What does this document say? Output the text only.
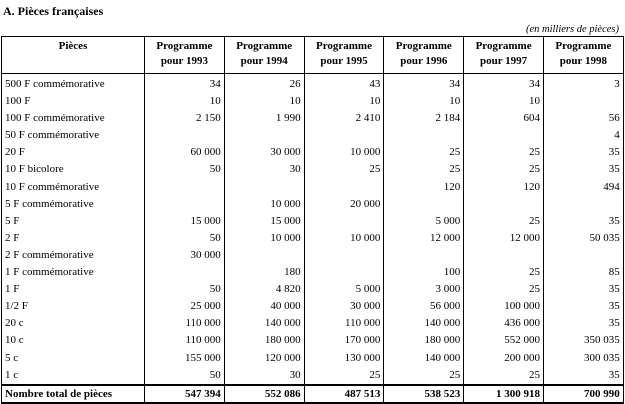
A. Pièces françaises
(en milliers de pièces)
Pièces	Programme pour 1993	Programme pour 1994	Programme pour 1995	Programme pour 1996	Programme pour 1997	Programme pour 1998
500 F commémorative	34	26	43	34	34	3
100 F	10	10	10	10	10	
100 F commémorative	2 150	1 990	2 410	2 184	604	56
50 F commémorative						4
20 F	60 000	30 000	10 000	25	25	35
10 F bicolore	50	30	25	25	25	35
10 F commémorative				120	120	494
5 F commémorative		10 000	20 000			
5 F	15 000	15 000		5 000	25	35
2 F	50	10 000	10 000	12 000	12 000	50 035
2 F commémorative	30 000					
1 F commémorative		180		100	25	85
1 F	50	4 820	5 000	3 000	25	35
1/2 F	25 000	40 000	30 000	56 000	100 000	35
20 c	110 000	140 000	110 000	140 000	436 000	35
10 c	110 000	180 000	170 000	180 000	552 000	350 035
5 c	155 000	120 000	130 000	140 000	200 000	300 035
1 c	50	30	25	25	25	35
Nombre total de pièces	547 394	552 086	487 513	538 523	1 300 918	700 990
